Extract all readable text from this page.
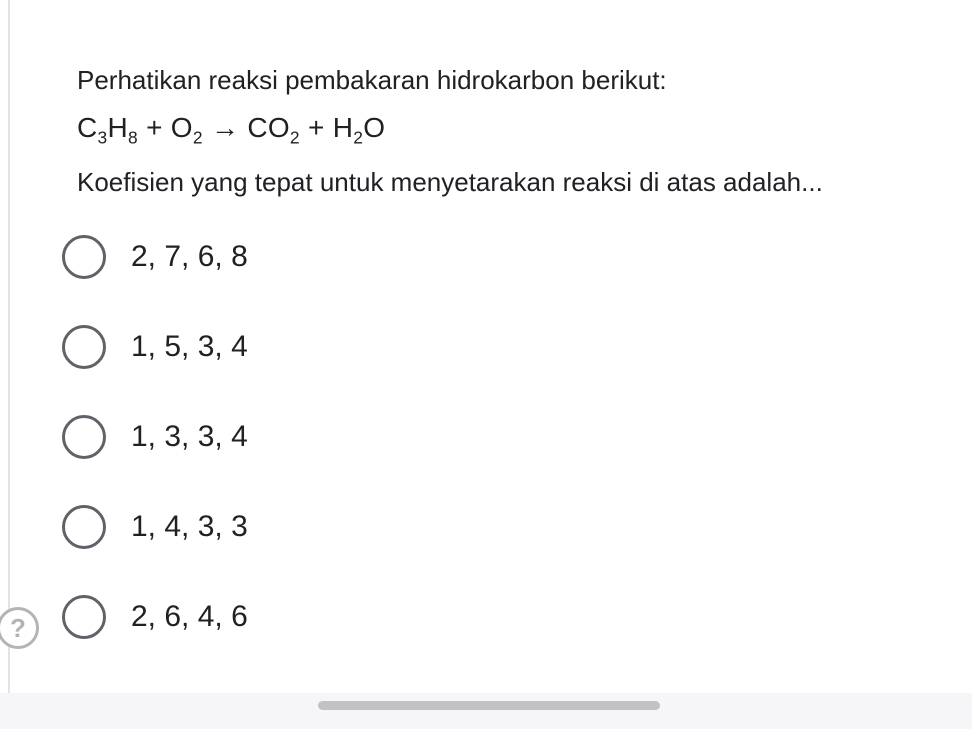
Perhatikan reaksi pembakaran hidrokarbon berikut:
$C_3H_8 + O_2 \to CO_2 + H_2O$
Koefisien yang tepat untuk menyetarakan reaksi di atas adalah...
2, 7, 6, 8
1, 5, 3, 4
1, 3, 3, 4
1, 4, 3, 3
2, 6, 4, 6
?
